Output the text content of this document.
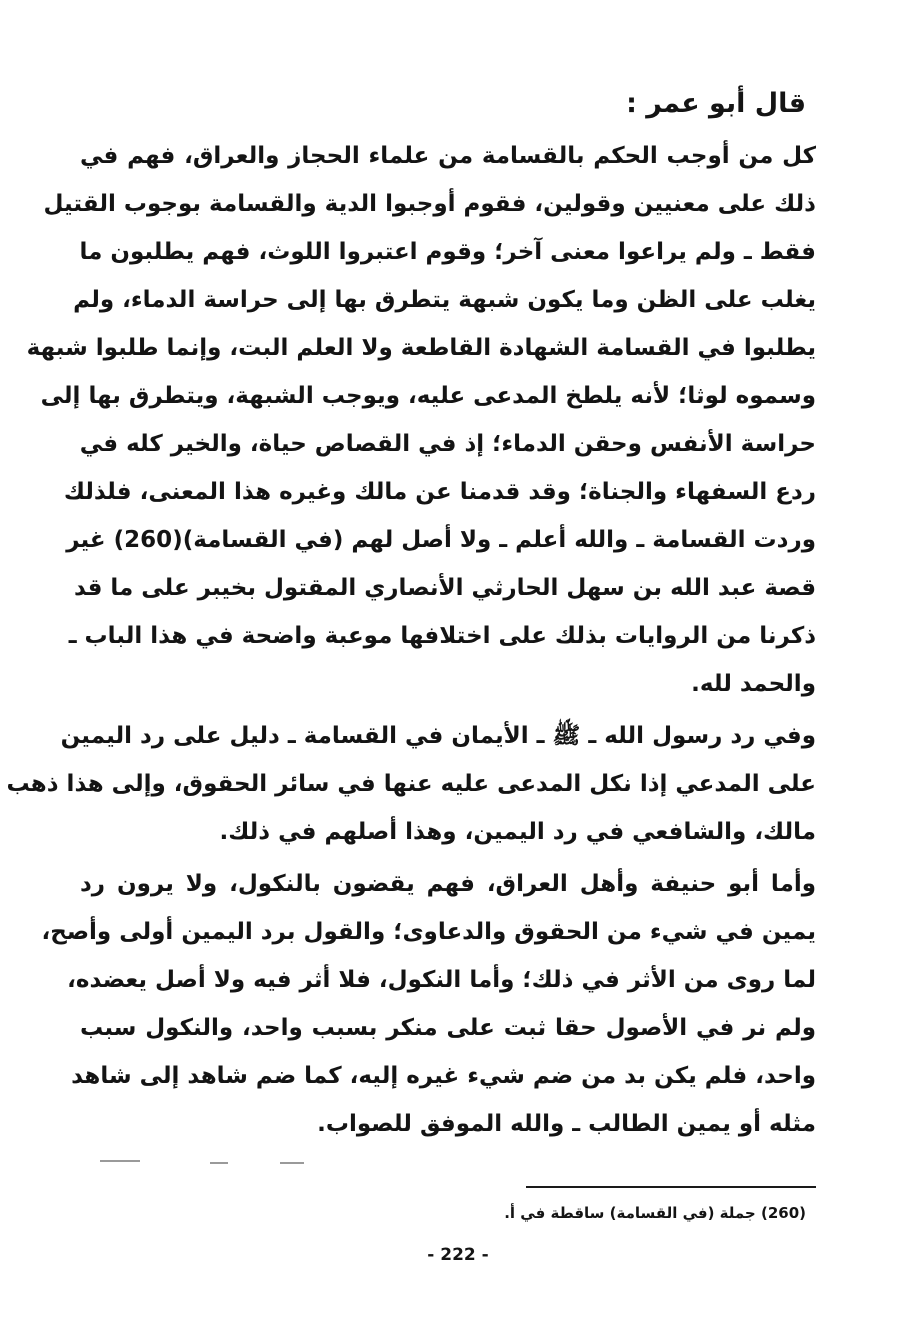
قال أبو عمر :
كل من أوجب الحكم بالقسامة من علماء الحجاز والعراق، فهم في
ذلك على معنيين وقولين، فقوم أوجبوا الدية والقسامة بوجوب القتيل
فقط ـ ولم يراعوا معنى آخر؛ وقوم اعتبروا اللوث، فهم يطلبون ما
يغلب على الظن وما يكون شبهة يتطرق بها إلى حراسة الدماء، ولم
يطلبوا في القسامة الشهادة القاطعة ولا العلم البت، وإنما طلبوا شبهة
وسموه لوثا؛ لأنه يلطخ المدعى عليه، ويوجب الشبهة، ويتطرق بها إلى
حراسة الأنفس وحقن الدماء؛ إذ في القصاص حياة، والخير كله في
ردع السفهاء والجناة؛ وقد قدمنا عن مالك وغيره هذا المعنى، فلذلك
وردت القسامة ـ والله أعلم ـ ولا أصل لهم (في القسامة)(260) غير
قصة عبد الله بن سهل الحارثي الأنصاري المقتول بخيبر على ما قد
ذكرنا من الروايات بذلك على اختلافها موعبة واضحة في هذا الباب ـ
والحمد لله.
وفي رد رسول الله ـ ﷺ ـ الأيمان في القسامة ـ دليل على رد اليمين
على المدعي إذا نكل المدعى عليه عنها في سائر الحقوق، وإلى هذا ذهب
مالك، والشافعي في رد اليمين، وهذا أصلهم في ذلك.
وأما أبو حنيفة وأهل العراق، فهم يقضون بالنكول، ولا يرون رد
يمين في شيء من الحقوق والدعاوى؛ والقول برد اليمين أولى وأصح،
لما روى من الأثر في ذلك؛ وأما النكول، فلا أثر فيه ولا أصل يعضده،
ولم نر في الأصول حقا ثبت على منكر بسبب واحد، والنكول سبب
واحد، فلم يكن بد من ضم شيء غيره إليه، كما ضم شاهد إلى شاهد
مثله أو يمين الطالب ـ والله الموفق للصواب.
(260) جملة (في القسامة) ساقطة في أ.
- 222 -
